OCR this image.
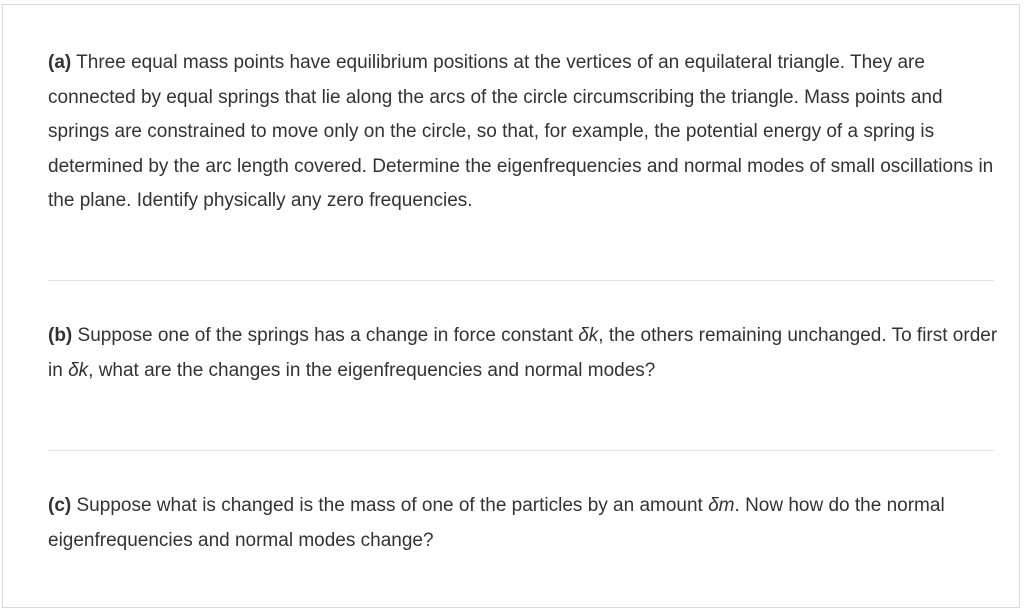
(a) Three equal mass points have equilibrium positions at the vertices of an equilateral triangle. They are connected by equal springs that lie along the arcs of the circle circumscribing the triangle. Mass points and springs are constrained to move only on the circle, so that, for example, the potential energy of a spring is determined by the arc length covered. Determine the eigenfrequencies and normal modes of small oscillations in the plane. Identify physically any zero frequencies.

(b) Suppose one of the springs has a change in force constant δk, the others remaining unchanged. To first order in δk, what are the changes in the eigenfrequencies and normal modes?

(c) Suppose what is changed is the mass of one of the particles by an amount δm. Now how do the normal eigenfrequencies and normal modes change?
